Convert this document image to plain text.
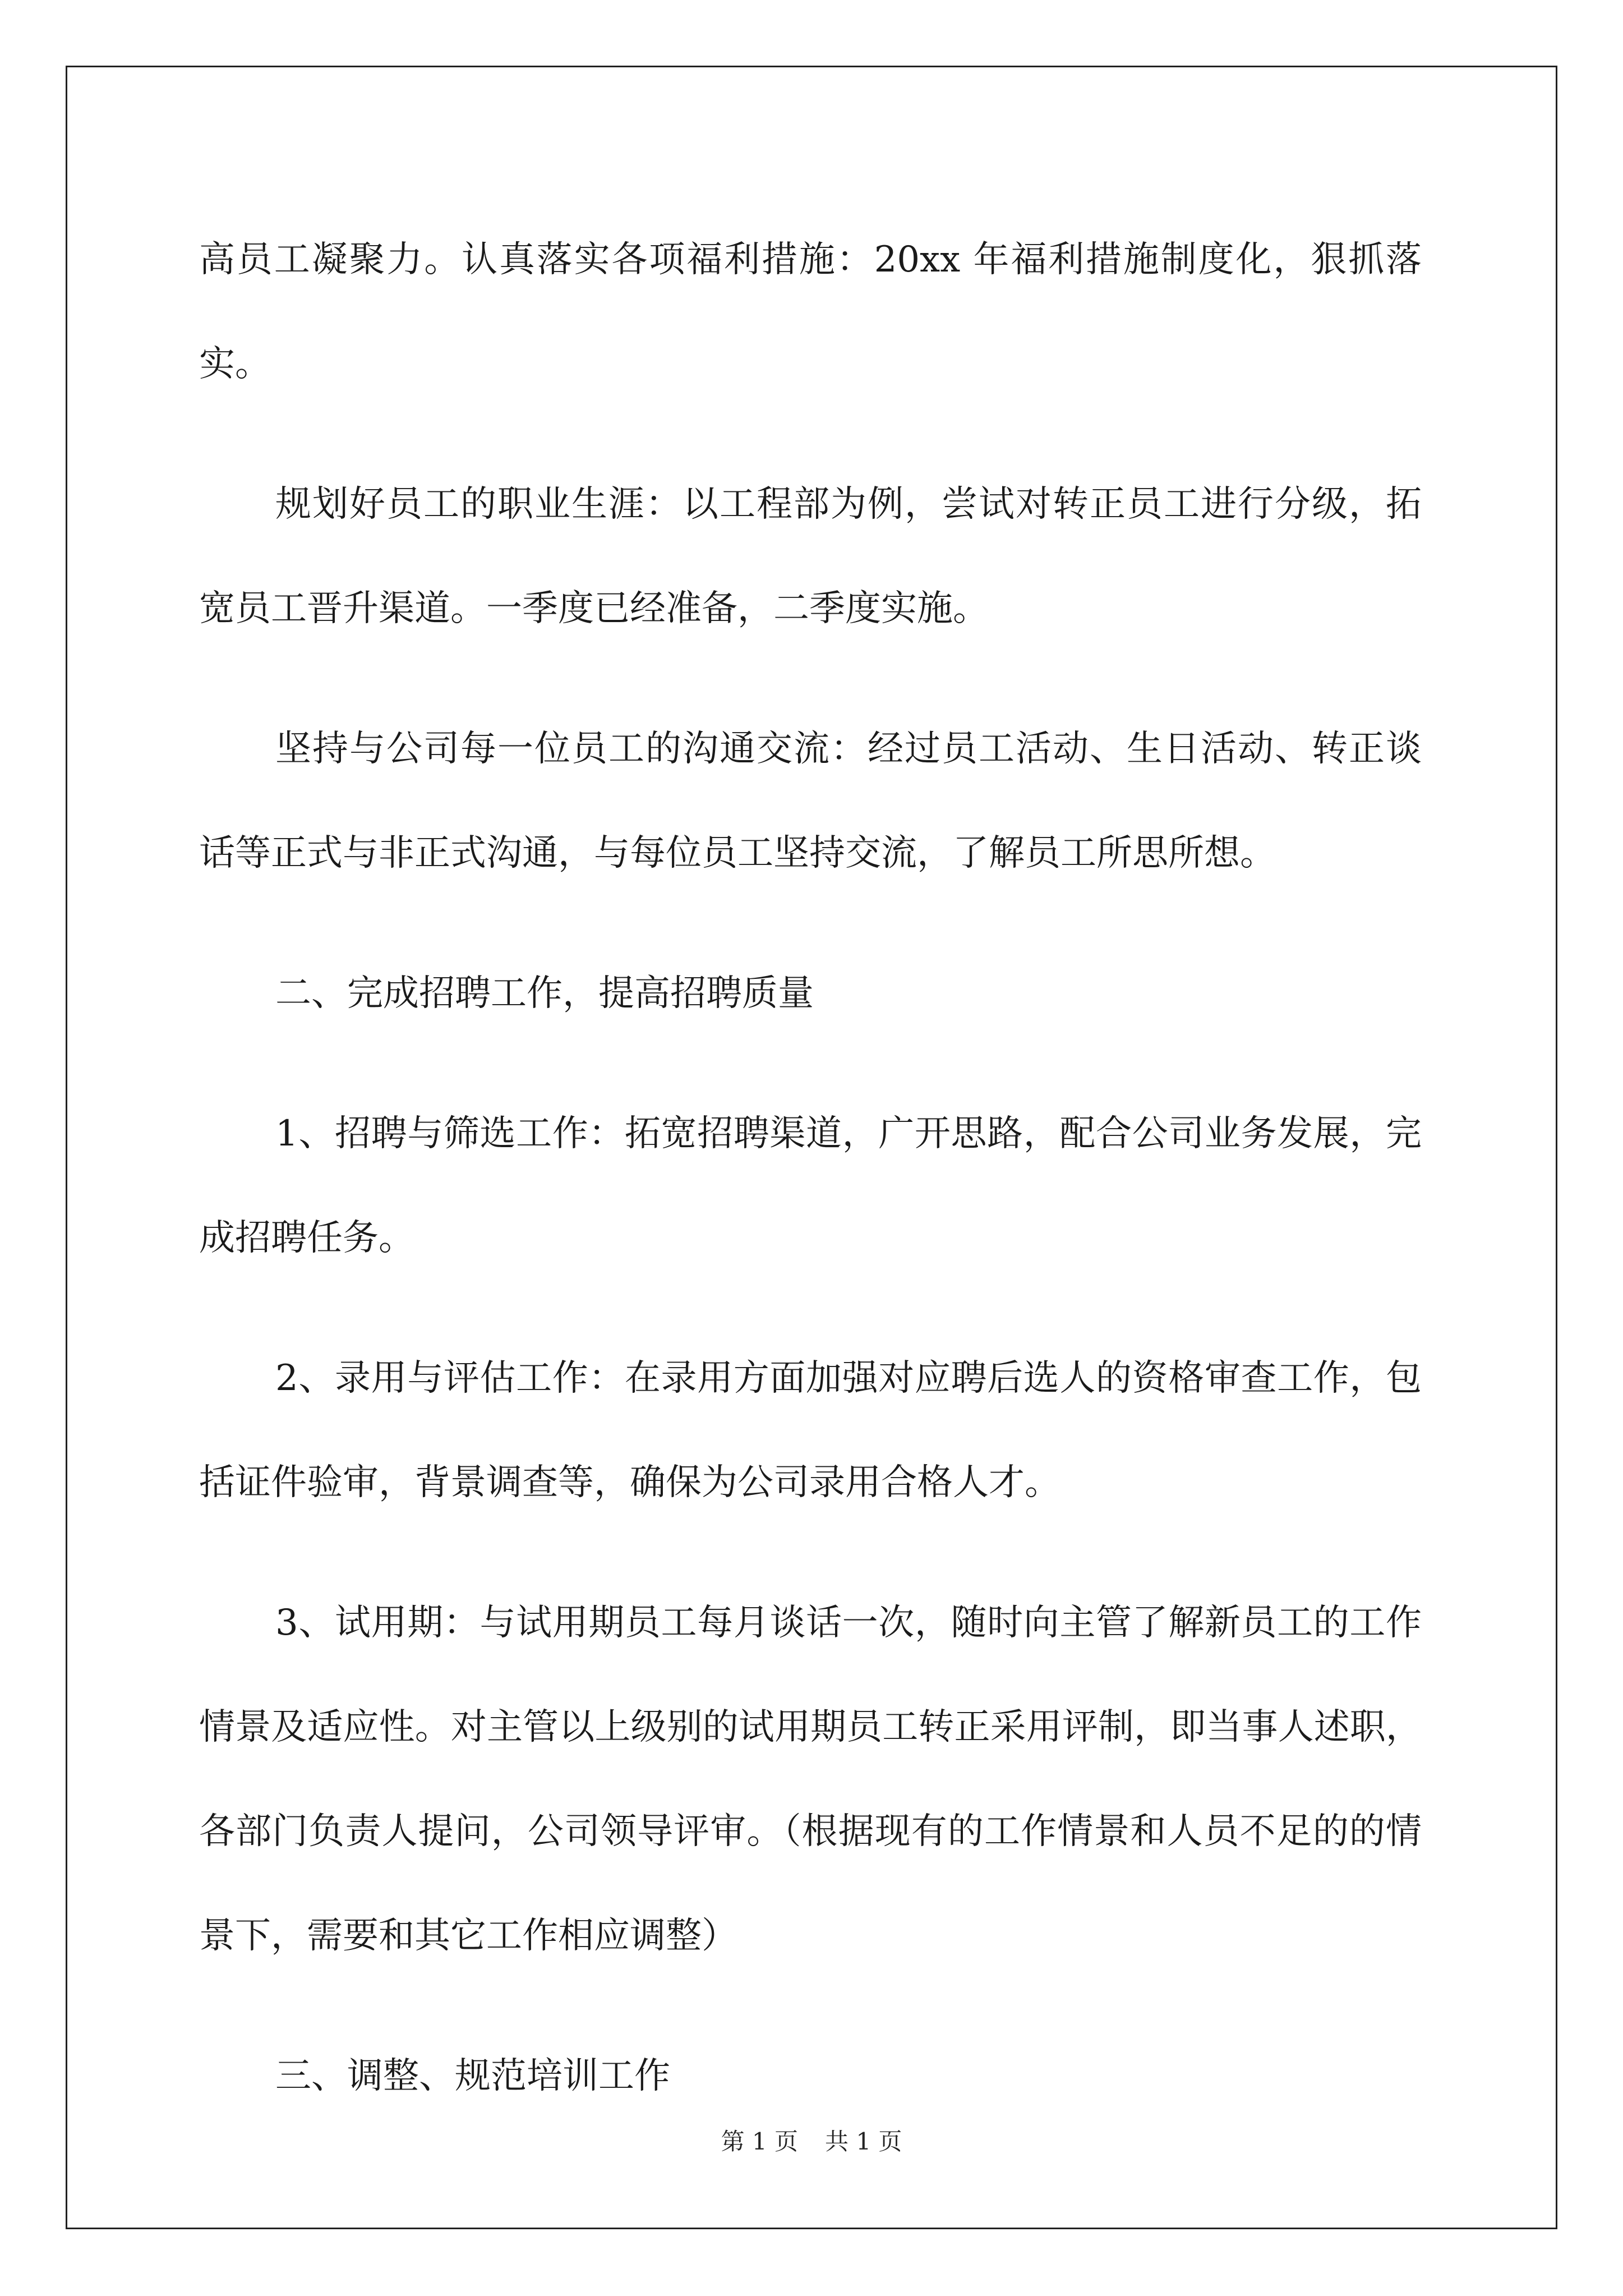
高员工凝聚力。认真落实各项福利措施：20xx 年福利措施制度化，狠抓落实。

规划好员工的职业生涯：以工程部为例，尝试对转正员工进行分级，拓宽员工晋升渠道。一季度已经准备，二季度实施。

坚持与公司每一位员工的沟通交流：经过员工活动、生日活动、转正谈话等正式与非正式沟通，与每位员工坚持交流，了解员工所思所想。

二、完成招聘工作，提高招聘质量

1、招聘与筛选工作：拓宽招聘渠道，广开思路，配合公司业务发展，完成招聘任务。

2、录用与评估工作：在录用方面加强对应聘后选人的资格审查工作，包括证件验审，背景调查等，确保为公司录用合格人才。

3、试用期：与试用期员工每月谈话一次，随时向主管了解新员工的工作情景及适应性。对主管以上级别的试用期员工转正采用评制，即当事人述职，各部门负责人提问，公司领导评审。（根据现有的工作情景和人员不足的的情景下，需要和其它工作相应调整）

三、调整、规范培训工作

第 1 页 共 1 页
